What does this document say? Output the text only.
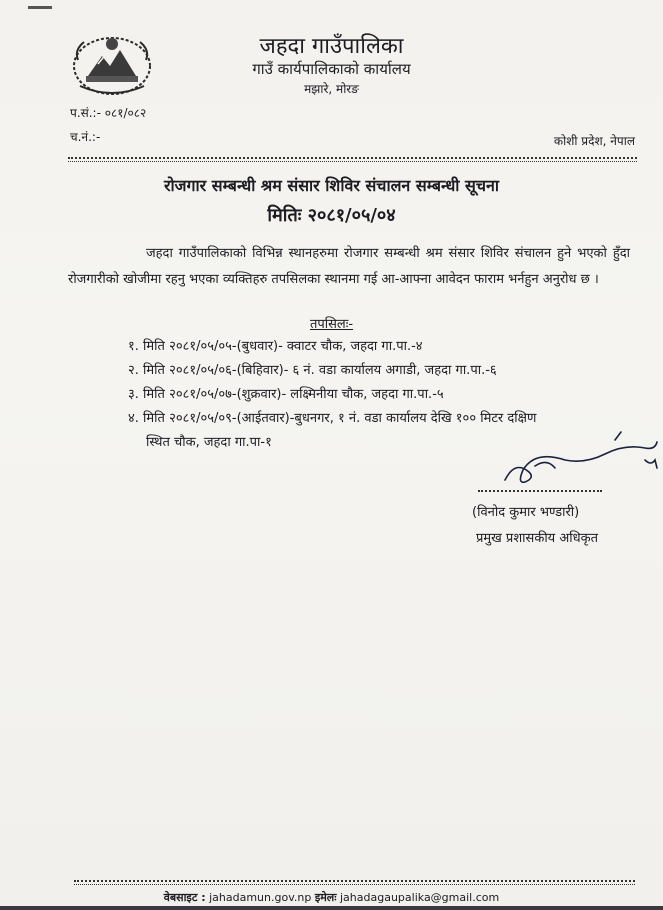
जहदा गाउँपालिका
गाउँ कार्यपालिकाको कार्यालय
मझारे, मोरङ
प.सं.:- ०८१/०८२
च.नं.:-	कोशी प्रदेश, नेपाल
रोजगार सम्बन्धी श्रम संसार शिविर संचालन सम्बन्धी सूचना
मितिः २०८१/०५/०४
जहदा गाउँपालिकाको विभिन्न स्थानहरुमा रोजगार सम्बन्धी श्रम संसार शिविर संचालन हुने भएको हुँदा रोजगारीको खोजीमा रहनु भएका व्यक्तिहरु तपसिलका स्थानमा गई आ-आफ्ना आवेदन फाराम भर्नहुन अनुरोध छ ।
तपसिलः-
१. मिति २०८१/०५/०५-(बुधवार)- क्वाटर चौक, जहदा गा.पा.-४
२. मिति २०८१/०५/०६-(बिहिवार)- ६ नं. वडा कार्यालय अगाडी, जहदा गा.पा.-६
३. मिति २०८१/०५/०७-(शुक्रवार)- लक्ष्मिनीया चौक, जहदा गा.पा.-५
४. मिति २०८१/०५/०९-(आईतवार)-बुधनगर, १ नं. वडा कार्यालय देखि १०० मिटर दक्षिण
स्थित चौक, जहदा गा.पा-१
(विनोद कुमार भण्डारी)
प्रमुख प्रशासकीय अधिकृत
वेबसाइट : jahadamun.gov.np इमेलः jahadagaupalika@gmail.com
